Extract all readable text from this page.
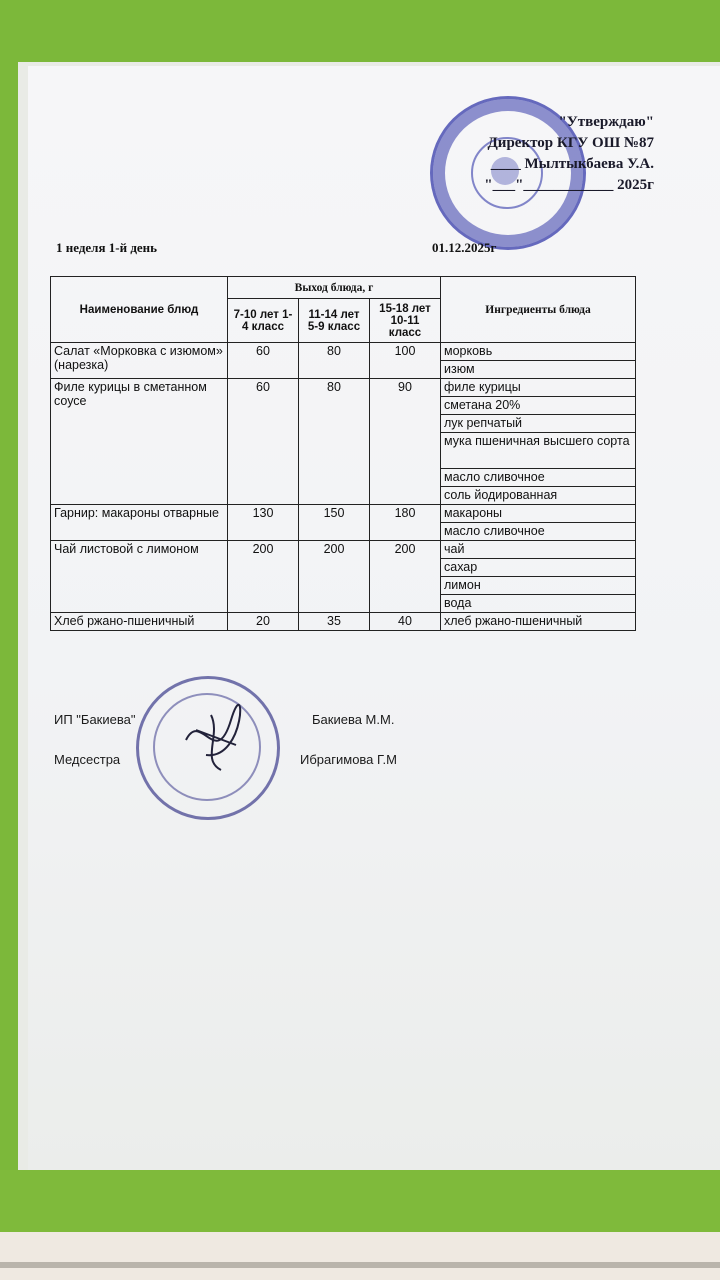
"Утверждаю"
Директор КГУ ОШ №87
____ Мылтыкбаева У.А.
"___"____________ 2025г
1 неделя 1-й день	01.12.2025г
Наименование блюд	Выход блюда, г			Ингредиенты блюда
	7-10 лет 1-4 класс	11-14 лет 5-9 класс	15-18 лет 10-11 класс	
Салат «Морковка с изюмом» (нарезка)	60	80	100	морковь
				изюм
Филе курицы в сметанном соусе	60	80	90	филе курицы
				сметана 20%
				лук репчатый
				мука пшеничная высшего сорта
				масло сливочное
				соль йодированная
Гарнир: макароны отварные	130	150	180	макароны
				масло сливочное
Чай листовой с лимоном	200	200	200	чай
				сахар
				лимон
				вода
Хлеб ржано-пшеничный	20	35	40	хлеб ржано-пшеничный
ИП "Бакиева"	Бакиева М.М.
Медсестра	Ибрагимова Г.М
